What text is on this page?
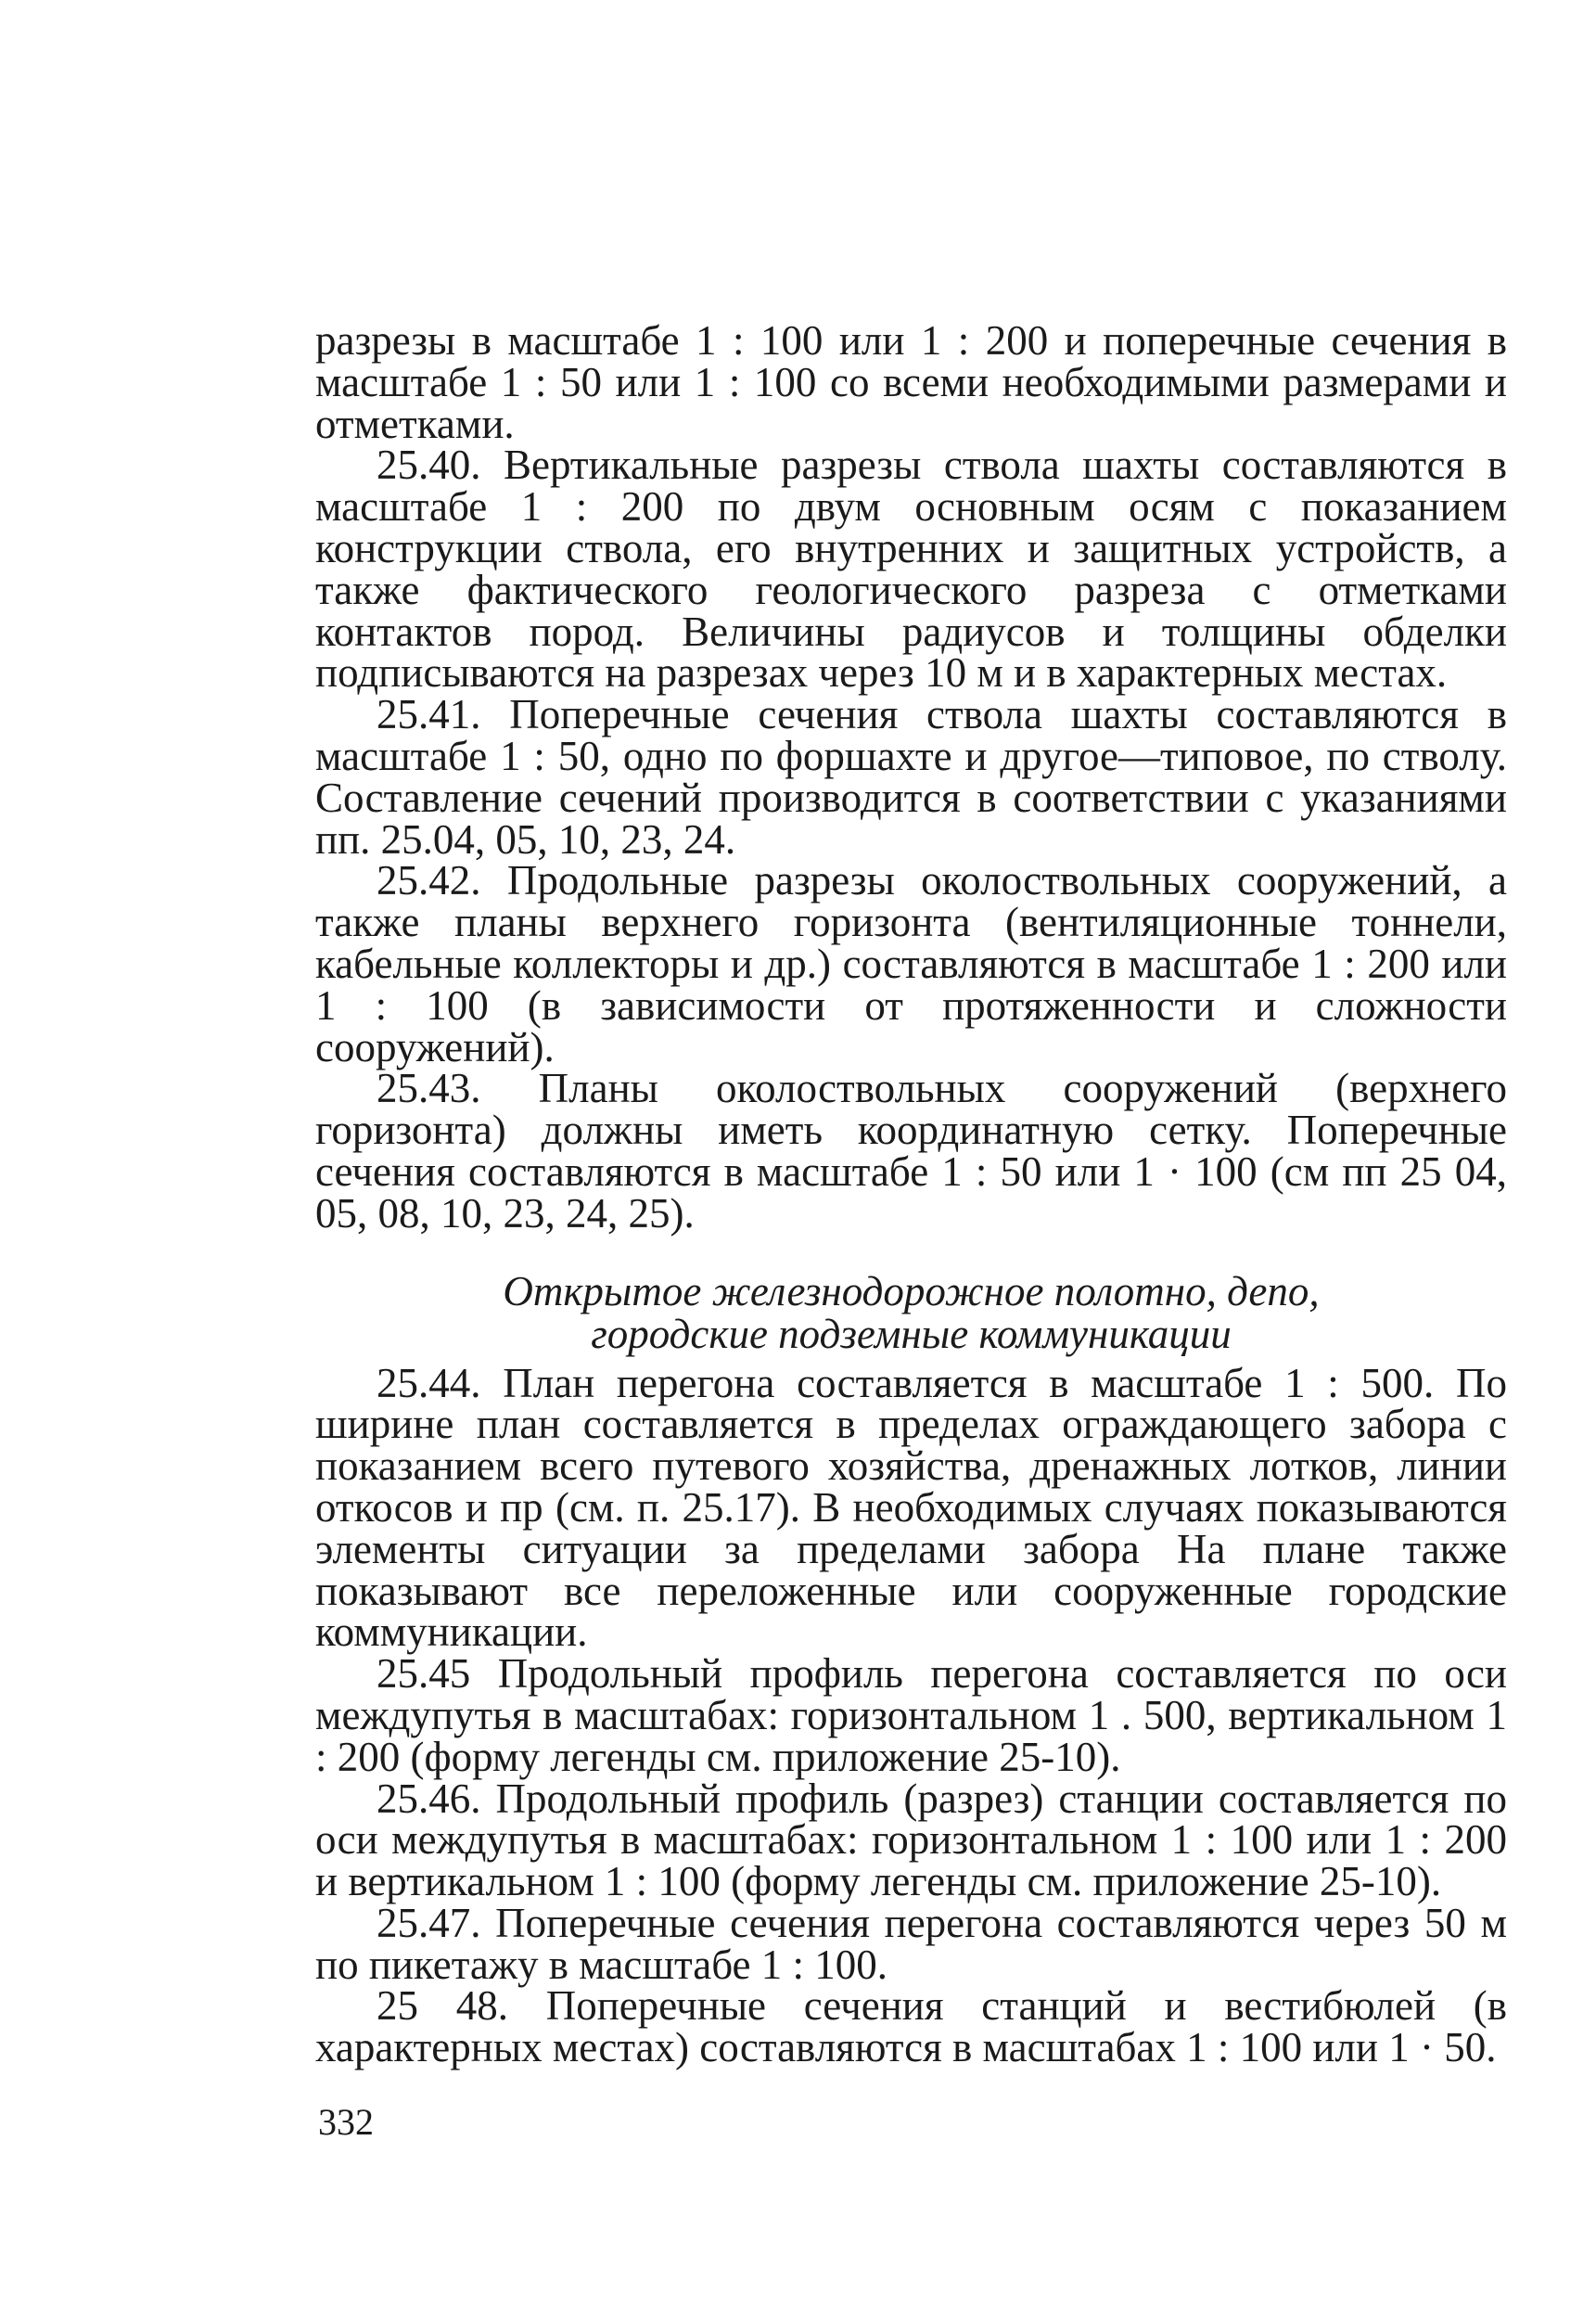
разрезы в масштабе 1 : 100 или 1 : 200 и поперечные сечения в масштабе 1 : 50 или 1 : 100 со всеми необходимыми размерами и отметками.

25.40. Вертикальные разрезы ствола шахты составляются в масштабе 1 : 200 по двум основным осям с показанием конструкции ствола, его внутренних и защитных устройств, а также фактического геологического разреза с отметками контактов пород. Величины радиусов и толщины обделки подписываются на разрезах через 10 м и в характерных местах.

25.41. Поперечные сечения ствола шахты составляются в масштабе 1 : 50, одно по форшахте и другое—типовое, по стволу. Составление сечений производится в соответствии с указаниями пп. 25.04, 05, 10, 23, 24.

25.42. Продольные разрезы околоствольных сооружений, а также планы верхнего горизонта (вентиляционные тоннели, кабельные коллекторы и др.) составляются в масштабе 1 : 200 или 1 : 100 (в зависимости от протяженности и сложности сооружений).

25.43. Планы околоствольных сооружений (верхнего горизонта) должны иметь координатную сетку. Поперечные сечения составляются в масштабе 1 : 50 или 1 · 100 (см пп 25 04, 05, 08, 10, 23, 24, 25).

Открытое железнодорожное полотно, депо,
городские подземные коммуникации

25.44. План перегона составляется в масштабе 1 : 500. По ширине план составляется в пределах ограждающего забора с показанием всего путевого хозяйства, дренажных лотков, линии откосов и пр (см. п. 25.17). В необходимых случаях показываются элементы ситуации за пределами забора На плане также показывают все переложенные или сооруженные городские коммуникации.

25.45 Продольный профиль перегона составляется по оси междупутья в масштабах: горизонтальном 1 . 500, вертикальном 1 : 200 (форму легенды см. приложение 25-10).

25.46. Продольный профиль (разрез) станции составляется по оси междупутья в масштабах: горизонтальном 1 : 100 или 1 : 200 и вертикальном 1 : 100 (форму легенды см. приложение 25-10).

25.47. Поперечные сечения перегона составляются через 50 м по пикетажу в масштабе 1 : 100.

25 48. Поперечные сечения станций и вестибюлей (в характерных местах) составляются в масштабах 1 : 100 или 1 · 50.

332
